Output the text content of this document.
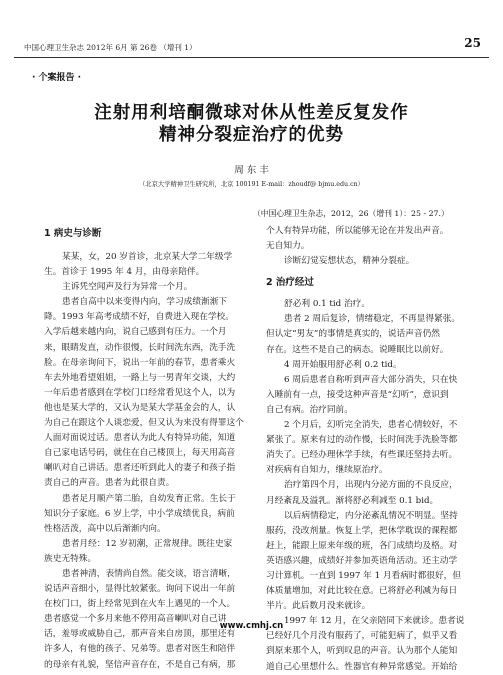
中国心理卫生杂志 2012年 6月 第 26卷 （增刊 1）	25
· 个案报告 ·
注射用利培酮微球对休从性差反复发作
精神分裂症治疗的优势
周 东 丰
（北京大学精神卫生研究所，北京 100191 E-mail：zhoudf@ bjmu.edu.cn）
（中国心理卫生杂志，2012，26（增刊 1）：25 - 27.）
1 病史与诊断
某某，女，20 岁首诊，北京某大学二年级学
生。首诊于 1995 年 4 月，由母亲陪伴。
主诉凭空闻声及行为异常一个月。
患者自高中以来变得内向，学习成绩渐渐下
降。1993 年高考成绩不好，自费进入现在学校。
入学后越来越内向，说自己感到有压力。一个月
来，眼睛发直，动作很慢，长时间洗东西，洗手洗
脸。在母亲询问下，说出一年前的春节，患者乘火
车去外地看望姐姐，一路上与一男青年交谈，大约
一年后患者感到在学校门口经常看见这个人，以为
他也是某大学的，又认为是某大学基金会的人，认
为自己在跟这个人谈恋爱，但又认为来没有得罪这个
人面对面说过话。患者认为此人有特异功能，知道
自己家电话号码，就住在自己楼顶上，每天用高音
喇叭对自己讲话。患者还听到此人的妻子和孩子指
责自己的声音。患者为此很自责。
患者足月顺产第二胎，自幼发育正常。生长于
知识分子家庭。6 岁上学，中小学成绩优良，病前
性格活泼，高中以后渐渐内向。
患者月经：12 岁初潮，正常规律。既往史家
族史无特殊。
患者神清，表情尚自然。能交谈，语言清晰，
说话声音细小，显得比较紧张。询问下说出一年前
在校门口，街上经常见到在火车上遇见的一个人。
患者感觉一个多月来他不停用高音喇叭对自己讲
话，羞辱或威胁自己，那声音来自房顶，那里还有
许多人，有他的孩子、兄弟等。患者对医生和陪伴
的母亲有礼貌，坚信声音存在，不是自己有病，那
个人有特异功能，所以能够无论在并发出声音。
无自知力。
诊断幻觉妄想状态，精神分裂症。
2 治疗经过
舒必利 0.1 tid 治疗。
患者 2 周后复诊，情绪稳定，不再显得紧张。
但认定“男友”的事情是真实的，说话声音仍然
存在。这些不是自己的病态。说睡眠比以前好。
4 周开始服用舒必利 0.2 tid。
6 周后患者自称听到声音大部分消失，只在快
入睡前有一点，接受这种声音是“幻听”，意识到
自己有病。治疗同前。
2 个月后，幻听完全消失，患者心情较好，不
紧张了。原来有过的动作慢，长时间洗手洗脸等都
消失了。已经办理休学手续，有些课还坚持去听。
对疾病有自知力，继续原治疗。
治疗第四个月，出现内分泌方面的不良反应，
月经紊乱及溢乳。渐将舒必利减至 0.1 bid。
以后病情稳定，内分泌紊乱情况不明显。坚持
服药，没改剂量。恢复上学，把休学耽误的课程都
赶上，能跟上原来年级的班，各门成绩均及格。对
英语感兴趣，成绩好并参加英语角活动。还主动学
习计算机。一直到 1997 年 1 月看病时都很好，但
体质量增加，对此比较在意。已将舒必利减为每日
半片。此后数月没来就诊。
1997 年 12 月，在父亲陪同下来就诊。患者说
已经好几个月没有服药了，可能犯病了，似乎又看
到原来那个人，听到叹息的声音。认为那个人能知
道自己心里想什么。性器官有种异常感觉。开始给
www.cmhj.cn
